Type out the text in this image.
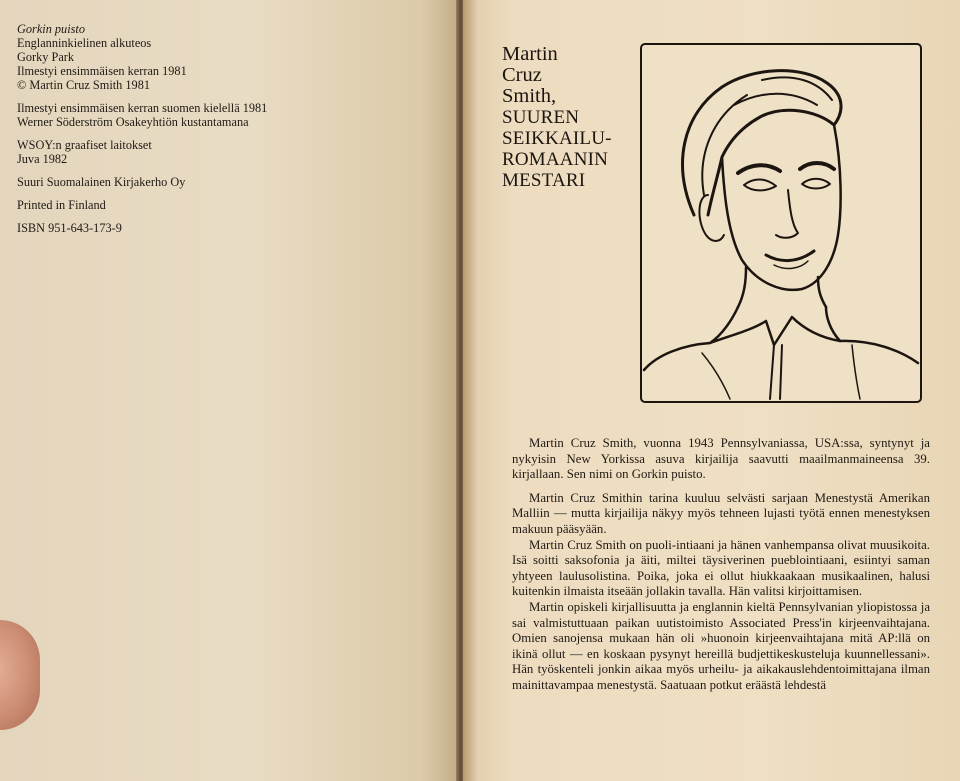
Gorkin puisto

Englanninkielinen alkuteos

Gorky Park

Ilmestyi ensimmäisen kerran 1981

© Martin Cruz Smith 1981

Ilmestyi ensimmäisen kerran suomen kielellä 1981

Werner Söderström Osakeyhtiön kustantamana

WSOY:n graafiset laitokset

Juva 1982

Suuri Suomalainen Kirjakerho Oy

Printed in Finland

ISBN 951-643-173-9

Martin
Cruz
Smith,
SUUREN
SEIKKAILU-
ROMAANIN
MESTARI

Martin Cruz Smith, vuonna 1943 Pennsylvaniassa, USA:ssa, syntynyt ja nykyisin New Yorkissa asuva kirjailija saavutti maailmanmaineensa 39. kirjallaan. Sen nimi on Gorkin puisto.

Martin Cruz Smithin tarina kuuluu selvästi sarjaan Menestystä Amerikan Malliin — mutta kirjailija näkyy myös tehneen lujasti työtä ennen menestyksen makuun pääsyään.

Martin Cruz Smith on puoli-intiaani ja hänen vanhempansa olivat muusikoita. Isä soitti saksofonia ja äiti, miltei täysiverinen pueblointiaani, esiintyi saman yhtyeen laulusolistina. Poika, joka ei ollut hiukkaakaan musikaalinen, halusi kuitenkin ilmaista itseään jollakin tavalla. Hän valitsi kirjoittamisen.

Martin opiskeli kirjallisuutta ja englannin kieltä Pennsylvanian yliopistossa ja sai valmistuttuaan paikan uutistoimisto Associated Press'in kirjeenvaihtajana. Omien sanojensa mukaan hän oli »huonoin kirjeenvaihtajana mitä AP:llä on ikinä ollut — en koskaan pysynyt hereillä budjettikeskusteluja kuunnellessani». Hän työskenteli jonkin aikaa myös urheilu- ja aikakauslehdentoimittajana ilman mainittavampaa menestystä. Saatuaan potkut eräästä lehdestä
